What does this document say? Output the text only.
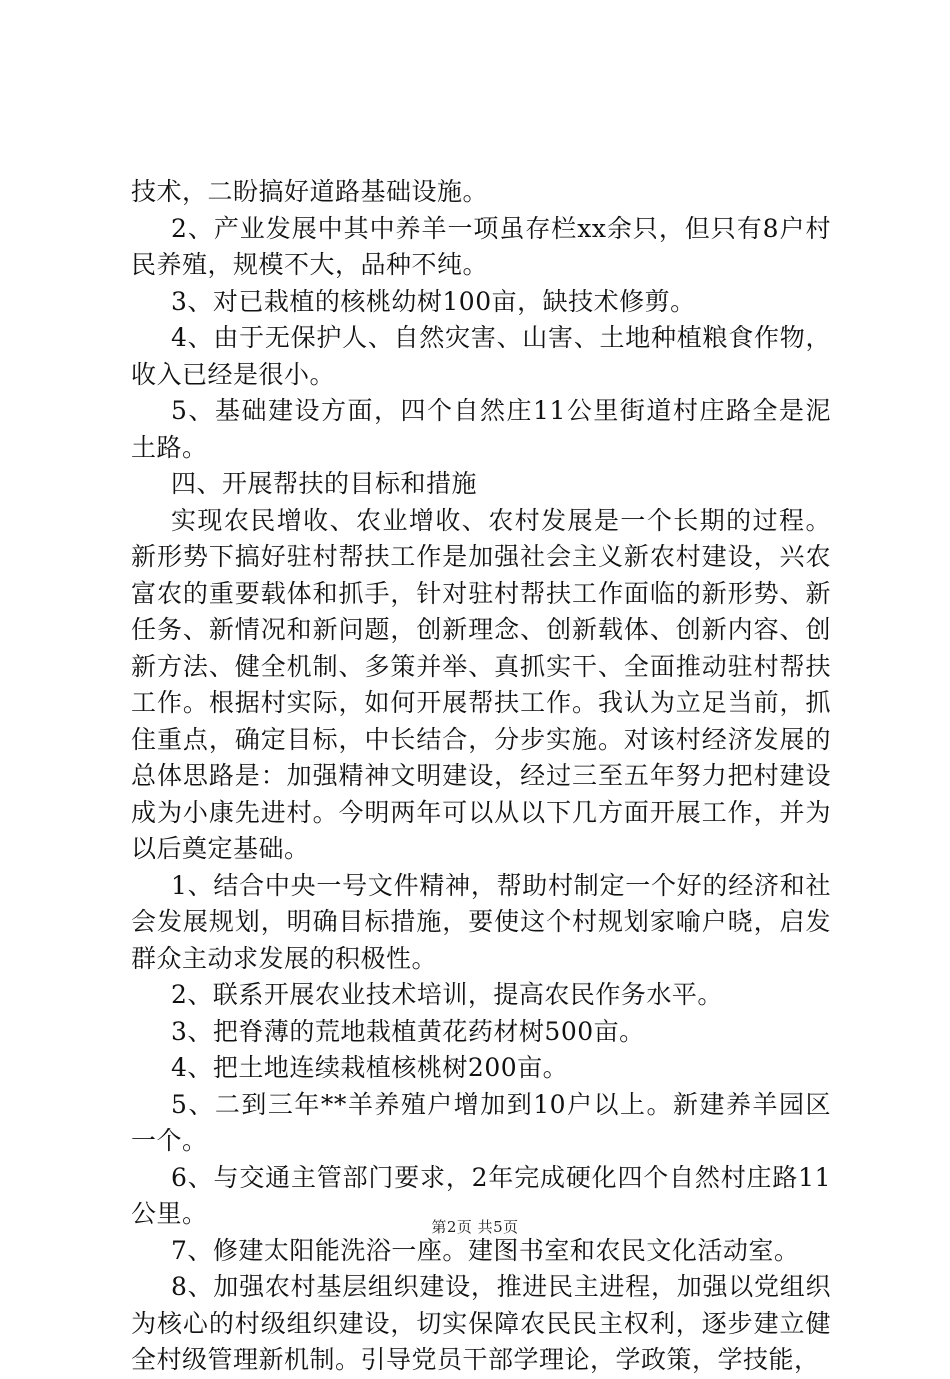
技术，二盼搞好道路基础设施。

2、产业发展中其中养羊一项虽存栏xx余只，但只有8户村民养殖，规模不大，品种不纯。

3、对已栽植的核桃幼树100亩，缺技术修剪。

4、由于无保护人、自然灾害、山害、土地种植粮食作物，收入已经是很小。

5、基础建设方面，四个自然庄11公里街道村庄路全是泥土路。

四、开展帮扶的目标和措施

实现农民增收、农业增收、农村发展是一个长期的过程。新形势下搞好驻村帮扶工作是加强社会主义新农村建设，兴农富农的重要载体和抓手，针对驻村帮扶工作面临的新形势、新任务、新情况和新问题，创新理念、创新载体、创新内容、创新方法、健全机制、多策并举、真抓实干、全面推动驻村帮扶工作。根据村实际，如何开展帮扶工作。我认为立足当前，抓住重点，确定目标，中长结合，分步实施。对该村经济发展的总体思路是：加强精神文明建设，经过三至五年努力把村建设成为小康先进村。今明两年可以从以下几方面开展工作，并为以后奠定基础。

1、结合中央一号文件精神，帮助村制定一个好的经济和社会发展规划，明确目标措施，要使这个村规划家喻户晓，启发群众主动求发展的积极性。

2、联系开展农业技术培训，提高农民作务水平。

3、把脊薄的荒地栽植黄花药材树500亩。

4、把土地连续栽植核桃树200亩。

5、二到三年**羊养殖户增加到10户以上。新建养羊园区一个。

6、与交通主管部门要求，2年完成硬化四个自然村庄路11公里。

7、修建太阳能洗浴一座。建图书室和农民文化活动室。

8、加强农村基层组织建设，推进民主进程，加强以党组织为核心的村级组织建设，切实保障农民民主权利，逐步建立健全村级管理新机制。引导党员干部学理论，学政策，学技能，

第2页 共5页
